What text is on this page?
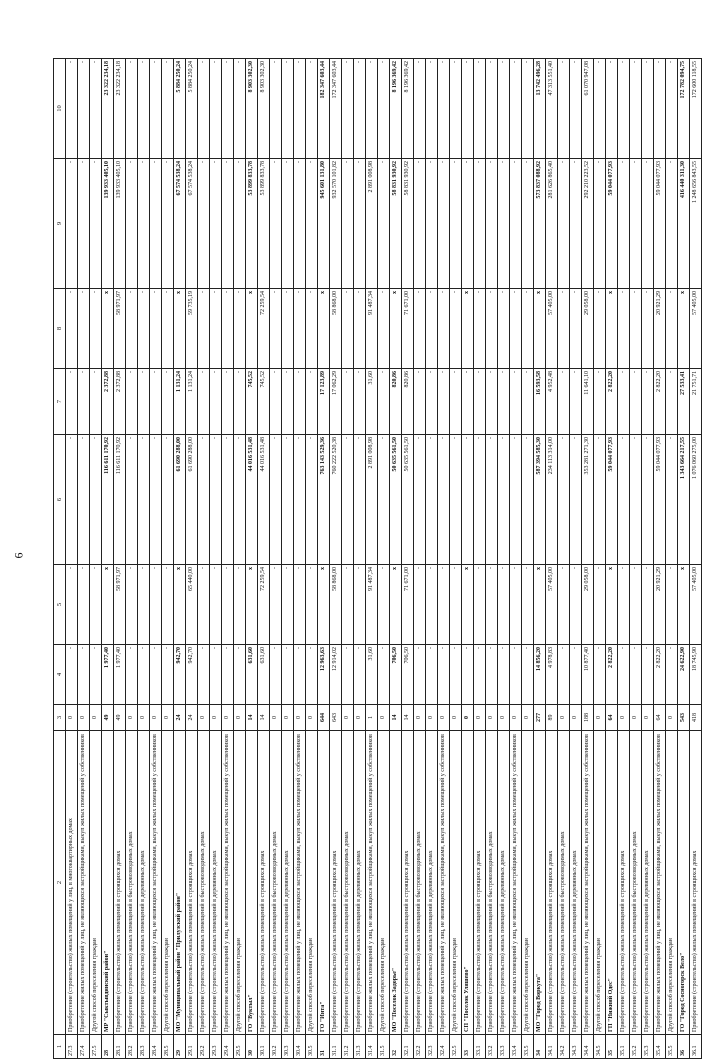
6
1	2	3	4	5	6	7	8	9	10
27.3	Приобретение (строительство) жилых помещений у лиц, в многоквартирных домах	0	-	-	-	-	-	-	-
27.4	Приобретение жилых помещений у лиц, не являющихся застройщиками, выкуп жилых помещений у собственников	0	-	-	-	-	-	-	-
27.5	Другой способ переселения граждан	0	-	-	-	-	-	-	-
28	МР "Сыктывдинский район"	49	1 977,40	x	116 611 170,92	2 372,88	x	139 933 405,10	23 322 234,18
28.1	Приобретение (строительство) жилых помещений в строящихся домах	49	1 977,40	58 971,97	116 611 170,92	2 372,88	58 971,97	139 933 405,10	23 322 234,18
28.2	Приобретение (строительство) жилых помещений в быстровозводимых домах	0	-	-	-	-	-	-	-
28.3	Приобретение (строительство) жилых помещений в деревянных домах	0	-	-	-	-	-	-	-
28.4	Приобретение жилых помещений у лиц, не являющихся застройщиками, выкуп жилых помещений у собственников	0	-	-	-	-	-	-	-
28.5	Другой способ переселения граждан	0	-	-	-	-	-	-	-
29	МО "Муниципальный район "Прилузский район"	24	942,70	x	61 690 288,00	1 131,24	x	67 574 538,24	5 884 250,24
29.1	Приобретение (строительство) жилых помещений в строящихся домах	24	942,70	65 440,00	61 690 288,00	1 131,24	59 735,19	67 574 538,24	5 884 250,24
29.2	Приобретение (строительство) жилых помещений в быстровозводимых домах	0	-	-	-	-	-	-	-
29.3	Приобретение (строительство) жилых помещений в деревянных домах	0	-	-	-	-	-	-	-
29.4	Приобретение жилых помещений у лиц, не являющихся застройщиками, выкуп жилых помещений у собственников	0	-	-	-	-	-	-	-
29.5	Другой способ переселения граждан	0	-	-	-	-	-	-	-
30	ГО "Вуктыл"	14	631,60	x	44 016 531,48	745,52	x	53 899 833,78	8 903 302,30
30.1	Приобретение (строительство) жилых помещений в строящихся домах	14	631,60	72 259,54	44 016 531,48	745,52	72 259,54	53 899 833,78	8 903 302,30
30.2	Приобретение (строительство) жилых помещений в быстровозводимых домах	0	-	-	-	-	-	-	-
30.3	Приобретение (строительство) жилых помещений в деревянных домах	0	-	-	-	-	-	-	-
30.4	Приобретение жилых помещений у лиц, не являющихся застройщиками, выкуп жилых помещений у собственников	0	-	-	-	-	-	-	-
30.5	Другой способ переселения граждан	0	-	-	-	-	-	-	-
31	ГО "Инта"	644	12 963,63	x	763 143 529,36	17 123,89	x	945 601 131,80	182 347 603,44
31.1	Приобретение (строительство) жилых помещений в строящихся домах	643	12 914,02	58 868,00	760 222 520,38	17 062,29	58 868,00	932 570 101,82	172 347 603,44
31.2	Приобретение (строительство) жилых помещений в быстровозводимых домах	0	-	-	-	-	-	-	-
31.3	Приобретение (строительство) жилых помещений в деревянных домах	0	-	-	-	-	-	-	-
31.4	Приобретение жилых помещений у лиц, не являющихся застройщиками, выкуп жилых помещений у собственников	1	31,60	91 487,34	2 891 008,98	31,60	91 487,34	2 891 008,98	-
31.5	Другой способ переселения граждан	0	-	-	-	-	-	-	-
32	МО "Поселок Задорье"	14	706,50	x	50 635 561,50	820,86	x	58 831 930,92	8 196 369,42
32.1	Приобретение (строительство) жилых помещений в строящихся домах	14	706,50	71 671,00	50 635 561,50	820,86	71 671,00	58 831 930,92	8 196 369,42
32.2	Приобретение (строительство) жилых помещений в быстровозводимых домах	0	-	-	-	-	-	-	-
32.3	Приобретение (строительство) жилых помещений в деревянных домах	0	-	-	-	-	-	-	-
32.4	Приобретение жилых помещений у лиц, не являющихся застройщиками, выкуп жилых помещений у собственников	0	-	-	-	-	-	-	-
32.5	Другой способ переселения граждан	0	-	-	-	-	-	-	-
33	СП "Поселок Уляшево"	0	-	x	-	-	x	-	-
33.1	Приобретение (строительство) жилых помещений в строящихся домах	0	-	-	-	-	-	-	-
33.2	Приобретение (строительство) жилых помещений в быстровозводимых домах	0	-	-	-	-	-	-	-
33.3	Приобретение (строительство) жилых помещений в деревянных домах	0	-	-	-	-	-	-	-
33.4	Приобретение жилых помещений у лиц, не являющихся застройщиками, выкуп жилых помещений у собственников	0	-	-	-	-	-	-	-
33.5	Другой способ переселения граждан	0	-	-	-	-	-	-	-
34	МО "Город Воркута"	277	14 856,20	x	587 394 585,30	16 593,58	x	573 837 088,92	13 742 496,28
34.1	Приобретение (строительство) жилых помещений в строящихся домах	89	4 978,83	57 405,00	234 113 314,00	4 952,48	57 405,00	281 626 865,40	47 313 551,40
34.2	Приобретение (строительство) жилых помещений в быстровозводимых домах	0	-	-	-	-	-	-	-
34.3	Приобретение (строительство) жилых помещений в деревянных домах	0	-	-	-	-	-	-	-
34.4	Приобретение жилых помещений у лиц, не являющихся застройщиками, выкуп жилых помещений у собственников	188	10 877,40	29 058,00	353 281 271,30	11 641,10	29 058,00	292 210 223,52	61 070 947,08
34.5	Другой способ переселения граждан	0	-	-	-	-	-	-	-
35	ГП "Нижний Одес"	64	2 822,20	x	59 044 077,93	2 822,20	x	59 044 077,93	-
35.1	Приобретение (строительство) жилых помещений в строящихся домах	0	-	-	-	-	-	-	-
35.2	Приобретение (строительство) жилых помещений в быстровозводимых домах	0	-	-	-	-	-	-	-
35.3	Приобретение (строительство) жилых помещений в деревянных домах	0	-	-	-	-	-	-	-
35.4	Приобретение жилых помещений у лиц, не являющихся застройщиками, выкуп жилых помещений у собственников	64	2 822,20	20 921,29	59 044 077,93	2 822,20	20 921,29	59 044 077,93	-
35.5	Другой способ переселения граждан	0	-	-	-	-	-	-	-
36	ГО "Город Сосногорск Вело"	543	24 622,90	x	1 343 664 217,55	27 533,41	x	416 440 311,30	172 782 094,75
36.1	Приобретение (строительство) жилых помещений в строящихся домах	418	18 745,90	57 405,00	1 076 060 275,00	21 751,71	57 405,00	1 248 656 843,55	172 600 118,55
